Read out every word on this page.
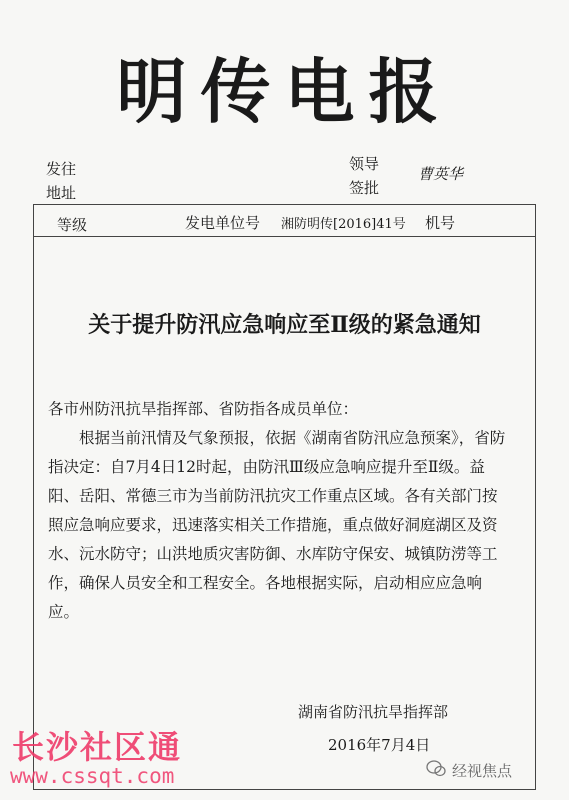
明传电报
发往
地址
领导
签批
曹英华
等级	发电单位号 湘防明传[2016]41号 机号
关于提升防汛应急响应至Ⅱ级的紧急通知

各市州防汛抗旱指挥部、省防指各成员单位：

根据当前汛情及气象预报，依据《湖南省防汛应急预案》，省防指决定：自7月4日12时起，由防汛Ⅲ级应急响应提升至Ⅱ级。益阳、岳阳、常德三市为当前防汛抗灾工作重点区域。各有关部门按照应急响应要求，迅速落实相关工作措施，重点做好洞庭湖区及资水、沅水防守；山洪地质灾害防御、水库防守保安、城镇防涝等工作，确保人员安全和工程安全。各地根据实际，启动相应应急响应。

湖南省防汛抗旱指挥部
2016年7月4日
长沙社区通
www.cssqt.com	经视焦点
